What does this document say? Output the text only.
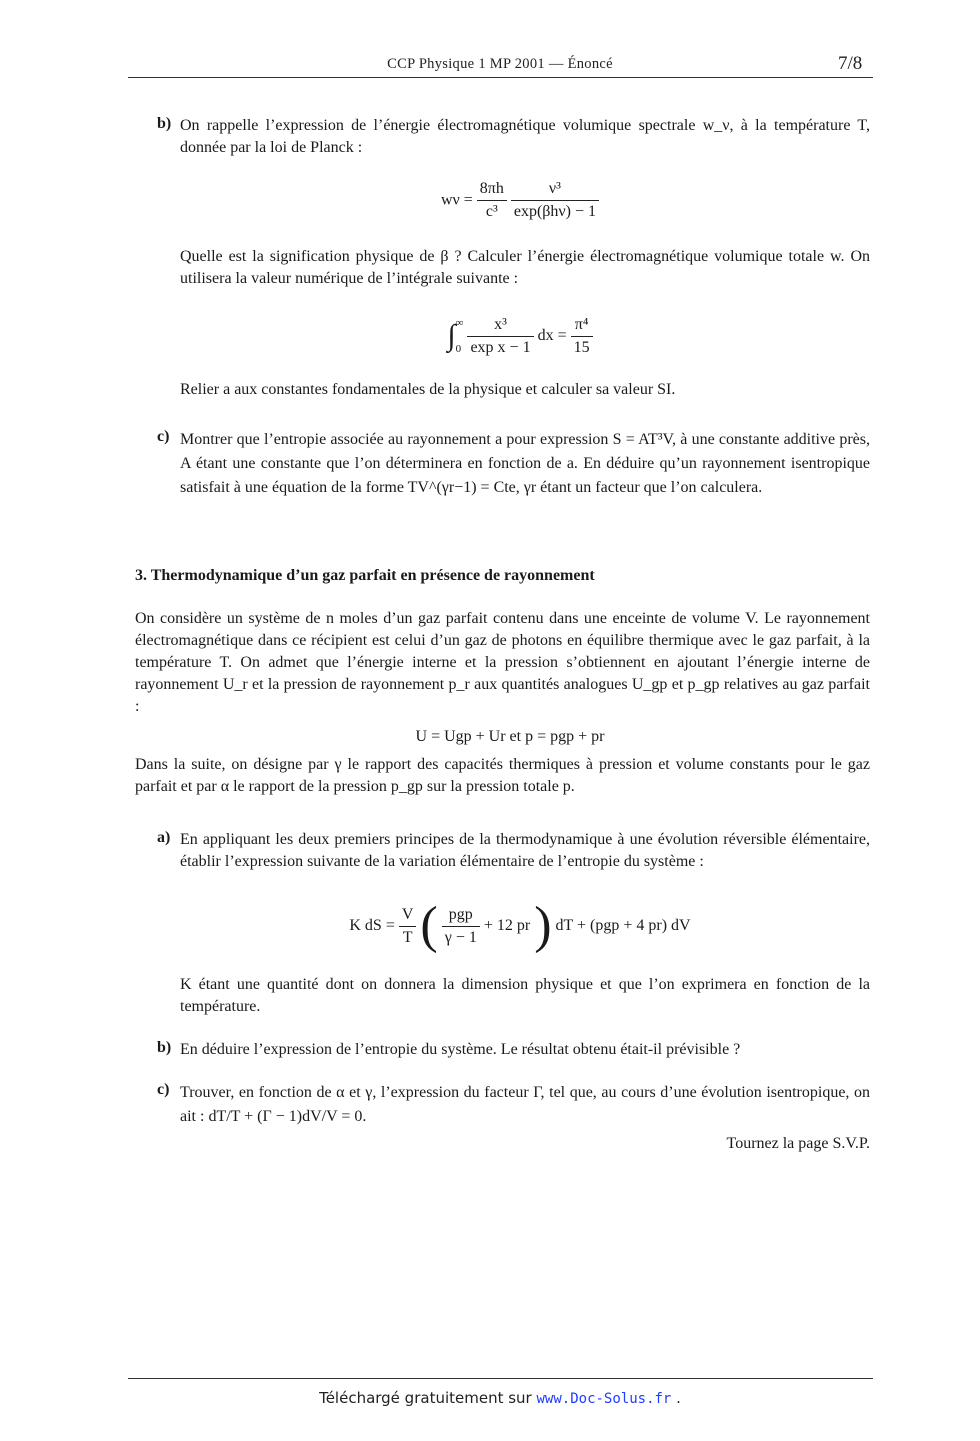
CCP Physique 1 MP 2001 — Énoncé	7/8
b) On rappelle l’expression de l’énergie électromagnétique volumique spectrale w_ν, à la température T, donnée par la loi de Planck :
$w\nu = \frac{8\pi h}{\text{c³}}$
$\frac{\text{ν³}}{\text{exp(βhν) − 1}}$
Quelle est la signification physique de β ? Calculer l’énergie électromagnétique volumique totale w. On utilisera la valeur numérique de l’intégrale suivante :
∫ ∞
0
$\frac{\text{x³}}{\text{exp x − 1}}$ dx = $\frac{\text{π⁴}}{15}$
Relier a aux constantes fondamentales de la physique et calculer sa valeur SI.
c) Montrer que l’entropie associée au rayonnement a pour expression S = AT³V, à une constante additive près, A étant une constante que l’on déterminera en fonction de a. En déduire qu’un rayonnement isentropique satisfait à une équation de la forme TV^(γr−1) = Cte, γr étant un facteur que l’on calculera.
3. Thermodynamique d’un gaz parfait en présence de rayonnement
On considère un système de n moles d’un gaz parfait contenu dans une enceinte de volume V. Le rayonnement électromagnétique dans ce récipient est celui d’un gaz de photons en équilibre thermique avec le gaz parfait, à la température T. On admet que l’énergie interne et la pression s’obtiennent en ajoutant l’énergie interne de rayonnement U_r et la pression de rayonnement p_r aux quantités analogues U_gp et p_gp relatives au gaz parfait :
U = Ugp + Ur et p = pgp + pr
Dans la suite, on désigne par γ le rapport des capacités thermiques à pression et volume constants pour le gaz parfait et par α le rapport de la pression p_gp sur la pression totale p.
a) En appliquant les deux premiers principes de la thermodynamique à une évolution réversible élémentaire, établir l’expression suivante de la variation élémentaire de l’entropie du système :
K dS = $\frac{V}{T}$ ( $\frac{\text{pgp}}{\gamma - 1} + 12$ pr ) dT + (pgp + 4 pr) dV
K étant une quantité dont on donnera la dimension physique et que l’on exprimera en fonction de la température.
b) En déduire l’expression de l’entropie du système. Le résultat obtenu était-il prévisible ?
c) Trouver, en fonction de α et γ, l’expression du facteur Γ, tel que, au cours d’une évolution isentropique, on ait : dT/T + (Γ − 1)dV/V = 0.
Tournez la page S.V.P.
Téléchargé gratuitement sur www.Doc-Solus.fr .
